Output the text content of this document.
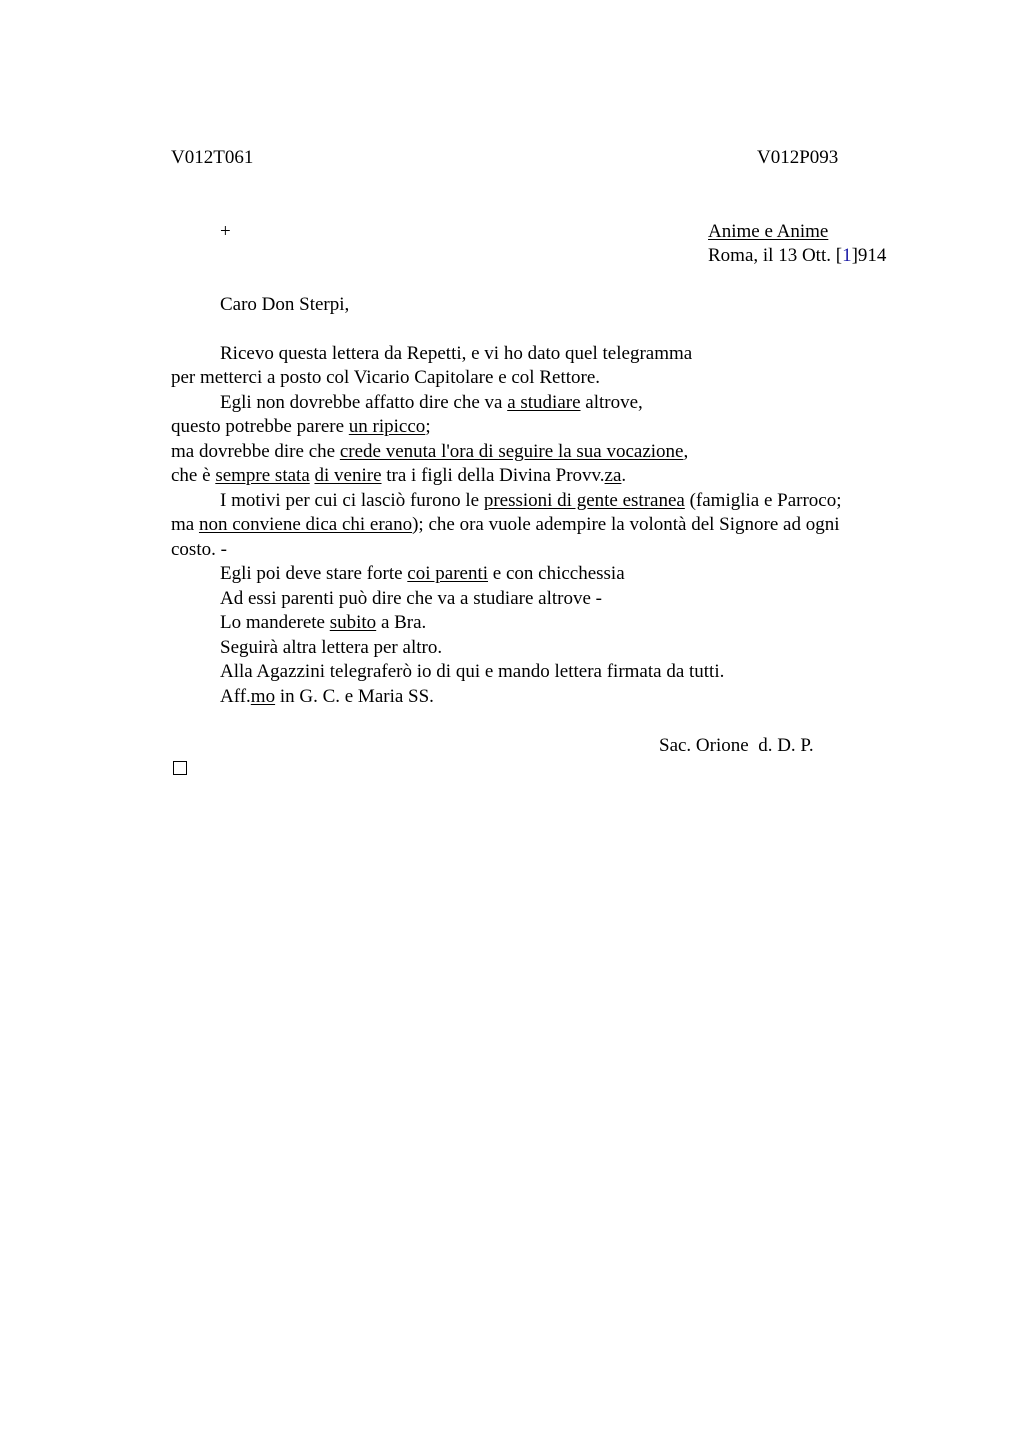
V012T061	V012P093
+	Anime e Anime
Roma, il 13 Ott. [1]914
Caro Don Sterpi,
Ricevo questa lettera da Repetti, e vi ho dato quel telegramma
per metterci a posto col Vicario Capitolare e col Rettore.
Egli non dovrebbe affatto dire che va a studiare altrove,
questo potrebbe parere un ripicco;
ma dovrebbe dire che crede venuta l'ora di seguire la sua vocazione,
che è sempre stata di venire tra i figli della Divina Provv.za.
I motivi per cui ci lasciò furono le pressioni di gente estranea (famiglia e Parroco;
ma non conviene dica chi erano); che ora vuole adempire la volontà del Signore ad ogni
costo. -
Egli poi deve stare forte coi parenti e con chicchessia
Ad essi parenti può dire che va a studiare altrove -
Lo manderete subito a Bra.
Seguirà altra lettera per altro.
Alla Agazzini telegraferò io di qui e mando lettera firmata da tutti.
Aff.mo in G. C. e Maria SS.
Sac. Orione  d. D. P.
